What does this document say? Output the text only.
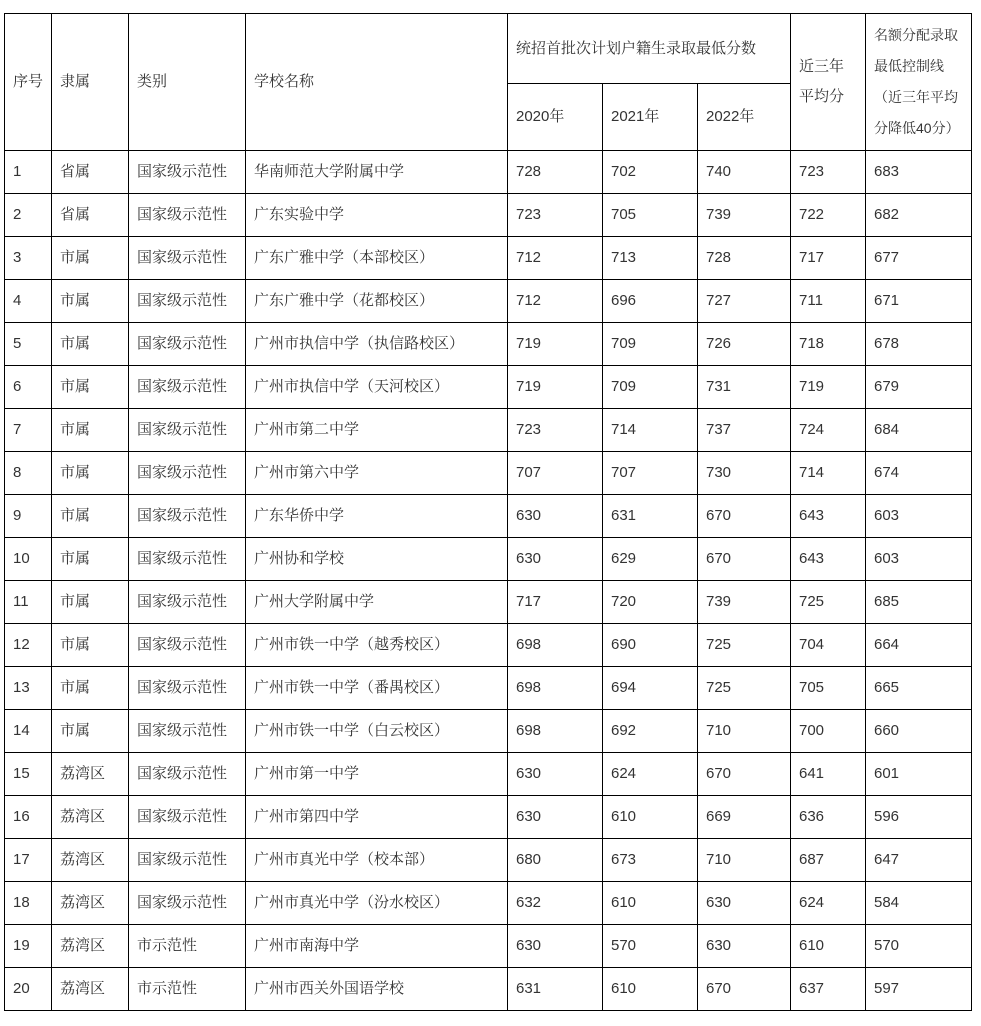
序号	隶属	类别	学校名称	统招首批次计划户籍生录取最低分数			近三年平均分	名额分配录取最低控制线（近三年平均分降低40分）
				2020年	2021年	2022年		
1	省属	国家级示范性	华南师范大学附属中学	728	702	740	723	683
2	省属	国家级示范性	广东实验中学	723	705	739	722	682
3	市属	国家级示范性	广东广雅中学（本部校区）	712	713	728	717	677
4	市属	国家级示范性	广东广雅中学（花都校区）	712	696	727	711	671
5	市属	国家级示范性	广州市执信中学（执信路校区）	719	709	726	718	678
6	市属	国家级示范性	广州市执信中学（天河校区）	719	709	731	719	679
7	市属	国家级示范性	广州市第二中学	723	714	737	724	684
8	市属	国家级示范性	广州市第六中学	707	707	730	714	674
9	市属	国家级示范性	广东华侨中学	630	631	670	643	603
10	市属	国家级示范性	广州协和学校	630	629	670	643	603
11	市属	国家级示范性	广州大学附属中学	717	720	739	725	685
12	市属	国家级示范性	广州市铁一中学（越秀校区）	698	690	725	704	664
13	市属	国家级示范性	广州市铁一中学（番禺校区）	698	694	725	705	665
14	市属	国家级示范性	广州市铁一中学（白云校区）	698	692	710	700	660
15	荔湾区	国家级示范性	广州市第一中学	630	624	670	641	601
16	荔湾区	国家级示范性	广州市第四中学	630	610	669	636	596
17	荔湾区	国家级示范性	广州市真光中学（校本部）	680	673	710	687	647
18	荔湾区	国家级示范性	广州市真光中学（汾水校区）	632	610	630	624	584
19	荔湾区	市示范性	广州市南海中学	630	570	630	610	570
20	荔湾区	市示范性	广州市西关外国语学校	631	610	670	637	597
